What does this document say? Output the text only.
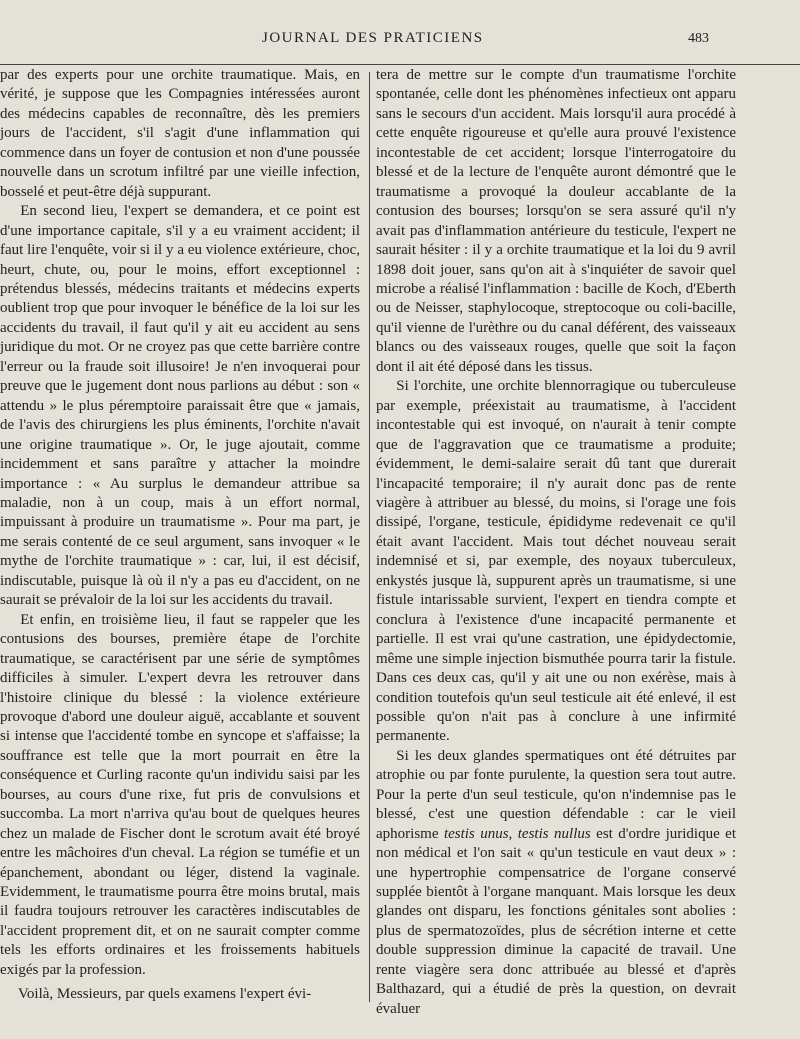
JOURNAL DES PRATICIENS	483

par des experts pour une orchite traumatique. Mais, en vérité, je suppose que les Compagnies intéressées auront des médecins capables de reconnaître, dès les premiers jours de l'accident, s'il s'agit d'une inflammation qui commence dans un foyer de contusion et non d'une poussée nouvelle dans un scrotum infiltré par une vieille infection, bosselé et peut-être déjà suppurant.

En second lieu, l'expert se demandera, et ce point est d'une importance capitale, s'il y a eu vraiment accident; il faut lire l'enquête, voir si il y a eu violence extérieure, choc, heurt, chute, ou, pour le moins, effort exceptionnel : prétendus blessés, médecins traitants et médecins experts oublient trop que pour invoquer le bénéfice de la loi sur les accidents du travail, il faut qu'il y ait eu accident au sens juridique du mot. Or ne croyez pas que cette barrière contre l'erreur ou la fraude soit illusoire! Je n'en invoquerai pour preuve que le jugement dont nous parlions au début : son « attendu » le plus péremptoire paraissait être que « jamais, de l'avis des chirurgiens les plus éminents, l'orchite n'avait une origine traumatique ». Or, le juge ajoutait, comme incidemment et sans paraître y attacher la moindre importance : « Au surplus le demandeur attribue sa maladie, non à un coup, mais à un effort normal, impuissant à produire un traumatisme ». Pour ma part, je me serais contenté de ce seul argument, sans invoquer « le mythe de l'orchite traumatique » : car, lui, il est décisif, indiscutable, puisque là où il n'y a pas eu d'accident, on ne saurait se prévaloir de la loi sur les accidents du travail.

Et enfin, en troisième lieu, il faut se rappeler que les contusions des bourses, première étape de l'orchite traumatique, se caractérisent par une série de symptômes difficiles à simuler. L'expert devra les retrouver dans l'histoire clinique du blessé : la violence extérieure provoque d'abord une douleur aiguë, accablante et souvent si intense que l'accidenté tombe en syncope et s'affaisse; la souffrance est telle que la mort pourrait en être la conséquence et Curling raconte qu'un individu saisi par les bourses, au cours d'une rixe, fut pris de convulsions et succomba. La mort n'arriva qu'au bout de quelques heures chez un malade de Fischer dont le scrotum avait été broyé entre les mâchoires d'un cheval. La région se tuméfie et un épanchement, abondant ou léger, distend la vaginale. Evidemment, le traumatisme pourra être moins brutal, mais il faudra toujours retrouver les caractères indiscutables de l'accident proprement dit, et on ne saurait compter comme tels les efforts ordinaires et les froissements habituels exigés par la profession.

Voilà, Messieurs, par quels examens l'expert évi-

tera de mettre sur le compte d'un traumatisme l'orchite spontanée, celle dont les phénomènes infectieux ont apparu sans le secours d'un accident. Mais lorsqu'il aura procédé à cette enquête rigoureuse et qu'elle aura prouvé l'existence incontestable de cet accident; lorsque l'interrogatoire du blessé et de la lecture de l'enquête auront démontré que le traumatisme a provoqué la douleur accablante de la contusion des bourses; lorsqu'on se sera assuré qu'il n'y avait pas d'inflammation antérieure du testicule, l'expert ne saurait hésiter : il y a orchite traumatique et la loi du 9 avril 1898 doit jouer, sans qu'on ait à s'inquiéter de savoir quel microbe a réalisé l'inflammation : bacille de Koch, d'Eberth ou de Neisser, staphylocoque, streptocoque ou coli-bacille, qu'il vienne de l'urèthre ou du canal déférent, des vaisseaux blancs ou des vaisseaux rouges, quelle que soit la façon dont il ait été déposé dans les tissus.

Si l'orchite, une orchite blennorragique ou tuberculeuse par exemple, préexistait au traumatisme, à l'accident incontestable qui est invoqué, on n'aurait à tenir compte que de l'aggravation que ce traumatisme a produite; évidemment, le demi-salaire serait dû tant que durerait l'incapacité temporaire; il n'y aurait donc pas de rente viagère à attribuer au blessé, du moins, si l'orage une fois dissipé, l'organe, testicule, épididyme redevenait ce qu'il était avant l'accident. Mais tout déchet nouveau serait indemnisé et si, par exemple, des noyaux tuberculeux, enkystés jusque là, suppurent après un traumatisme, si une fistule intarissable survient, l'expert en tiendra compte et conclura à l'existence d'une incapacité permanente et partielle. Il est vrai qu'une castration, une épidydectomie, même une simple injection bismuthée pourra tarir la fistule. Dans ces deux cas, qu'il y ait une ou non exérèse, mais à condition toutefois qu'un seul testicule ait été enlevé, il est possible qu'on n'ait pas à conclure à une infirmité permanente.

Si les deux glandes spermatiques ont été détruites par atrophie ou par fonte purulente, la question sera tout autre. Pour la perte d'un seul testicule, qu'on n'indemnise pas le blessé, c'est une question défendable : car le vieil aphorisme testis unus, testis nullus est d'ordre juridique et non médical et l'on sait « qu'un testicule en vaut deux » : une hypertrophie compensatrice de l'organe conservé supplée bientôt à l'organe manquant. Mais lorsque les deux glandes ont disparu, les fonctions génitales sont abolies : plus de spermatozoïdes, plus de sécrétion interne et cette double suppression diminue la capacité de travail. Une rente viagère sera donc attribuée au blessé et d'après Balthazard, qui a étudié de près la question, on devrait évaluer
